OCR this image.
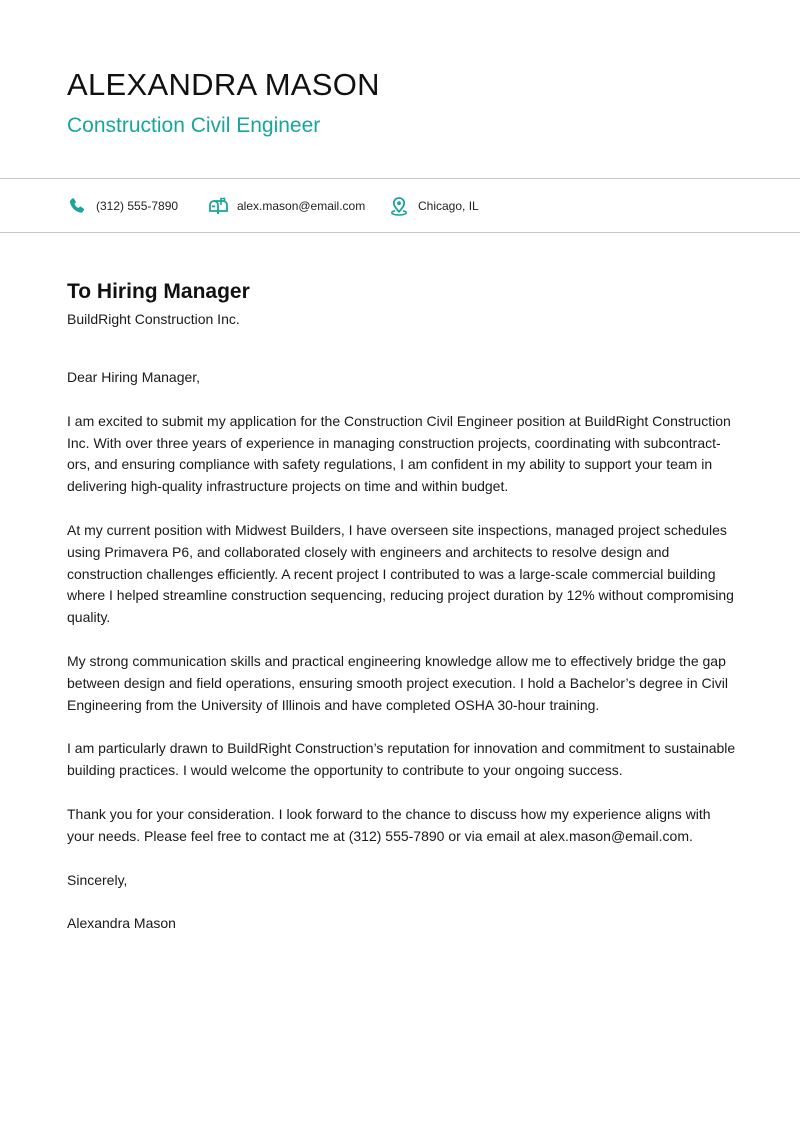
ALEXANDRA MASON
Construction Civil Engineer
(312) 555-7890	alex.mason@email.com	Chicago, IL
To Hiring Manager
BuildRight Construction Inc.

Dear Hiring Manager,

I am excited to submit my application for the Construction Civil Engineer position at BuildRight Construction Inc. With over three years of experience in managing construction projects, coordinating with subcontractors, and ensuring compliance with safety regulations, I am confident in my ability to support your team in delivering high-quality infrastructure projects on time and within budget.

At my current position with Midwest Builders, I have overseen site inspections, managed project schedules using Primavera P6, and collaborated closely with engineers and architects to resolve design and construction challenges efficiently. A recent project I contributed to was a large-scale commercial building where I helped streamline construction sequencing, reducing project duration by 12% without compromising quality.

My strong communication skills and practical engineering knowledge allow me to effectively bridge the gap between design and field operations, ensuring smooth project execution. I hold a Bachelor’s degree in Civil Engineering from the University of Illinois and have completed OSHA 30-hour training.

I am particularly drawn to BuildRight Construction’s reputation for innovation and commitment to sustainable building practices. I would welcome the opportunity to contribute to your ongoing success.

Thank you for your consideration. I look forward to the chance to discuss how my experience aligns with your needs. Please feel free to contact me at (312) 555-7890 or via email at alex.mason@email.com.

Sincerely,

Alexandra Mason
